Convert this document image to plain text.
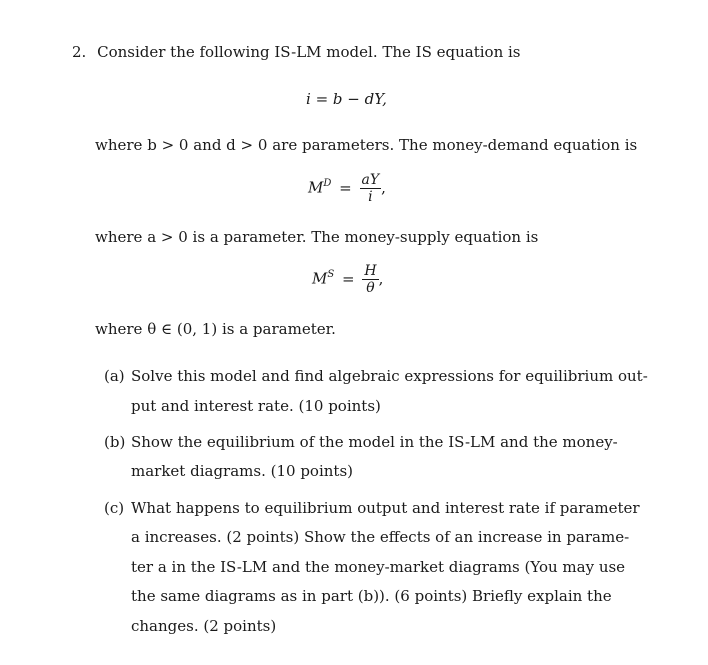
2. Consider the following IS-LM model. The IS equation is
i = b − dY,
where b > 0 and d > 0 are parameters. The money-demand equation is
$M^D = \frac{aY}{i}$ ,
where a > 0 is a parameter. The money-supply equation is
$M^S = \frac{H}{\theta}$ ,
where θ ∈ (0, 1) is a parameter.
(a) Solve this model and find algebraic expressions for equilibrium out-
put and interest rate. (10 points)
(b) Show the equilibrium of the model in the IS-LM and the money-
market diagrams. (10 points)
(c) What happens to equilibrium output and interest rate if parameter
a increases. (2 points) Show the effects of an increase in parame-
ter a in the IS-LM and the money-market diagrams (You may use
the same diagrams as in part (b)). (6 points) Briefly explain the
changes. (2 points)
